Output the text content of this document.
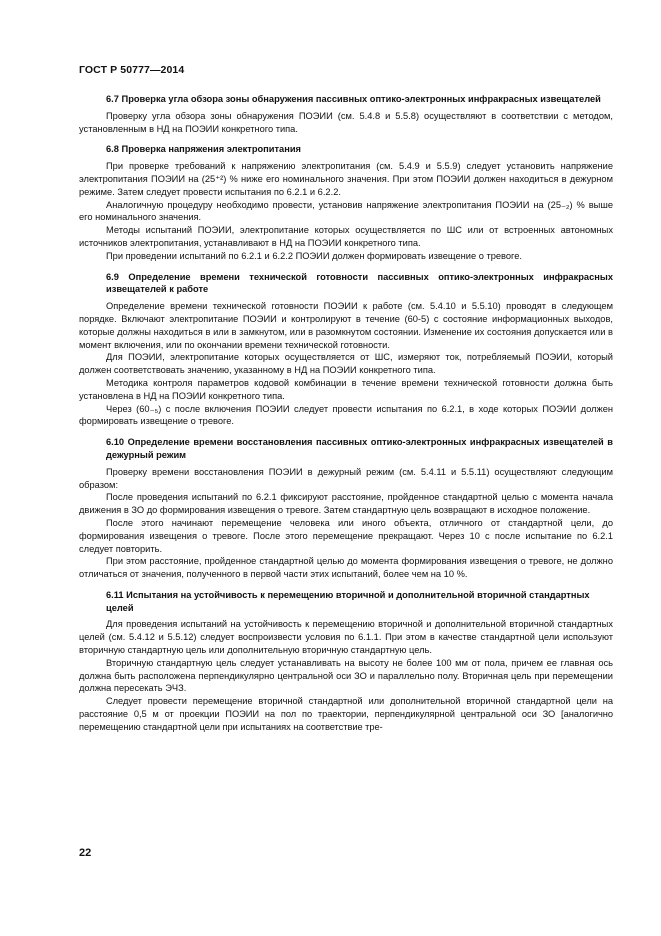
ГОСТ Р 50777—2014
6.7 Проверка угла обзора зоны обнаружения пассивных оптико-электронных инфракрасных извещателей

Проверку угла обзора зоны обнаружения ПОЭИИ (см. 5.4.8 и 5.5.8) осуществляют в соответствии с методом, установленным в НД на ПОЭИИ конкретного типа.

6.8 Проверка напряжения электропитания

При проверке требований к напряжению электропитания (см. 5.4.9 и 5.5.9) следует установить напряжение электропитания ПОЭИИ на (25⁺²) % ниже его номинального значения. При этом ПОЭИИ должен находиться в дежурном режиме. Затем следует провести испытания по 6.2.1 и 6.2.2.

Аналогичную процедуру необходимо провести, установив напряжение электропитания ПОЭИИ на (25₋₂) % выше его номинального значения.

Методы испытаний ПОЭИИ, электропитание которых осуществляется по ШС или от встроенных автономных источников электропитания, устанавливают в НД на ПОЭИИ конкретного типа.

При проведении испытаний по 6.2.1 и 6.2.2 ПОЭИИ должен формировать извещение о тревоге.

6.9 Определение времени технической готовности пассивных оптико-электронных инфракрасных извещателей к работе

Определение времени технической готовности ПОЭИИ к работе (см. 5.4.10 и 5.5.10) проводят в следующем порядке. Включают электропитание ПОЭИИ и контролируют в течение (60-5) с состояние информационных выходов, которые должны находиться в или в замкнутом, или в разомкнутом состоянии. Изменение их состояния допускается или в момент включения, или по окончании времени технической готовности.

Для ПОЭИИ, электропитание которых осуществляется от ШС, измеряют ток, потребляемый ПОЭИИ, который должен соответствовать значению, указанному в НД на ПОЭИИ конкретного типа.

Методика контроля параметров кодовой комбинации в течение времени технической готовности должна быть установлена в НД на ПОЭИИ конкретного типа.

Через (60₋₅) с после включения ПОЭИИ следует провести испытания по 6.2.1, в ходе которых ПОЭИИ должен формировать извещение о тревоге.

6.10 Определение времени восстановления пассивных оптико-электронных инфракрасных извещателей в дежурный режим

Проверку времени восстановления ПОЭИИ в дежурный режим (см. 5.4.11 и 5.5.11) осуществляют следующим образом:

После проведения испытаний по 6.2.1 фиксируют расстояние, пройденное стандартной целью с момента начала движения в ЗО до формирования извещения о тревоге. Затем стандартную цель возвращают в исходное положение.

После этого начинают перемещение человека или иного объекта, отличного от стандартной цели, до формирования извещения о тревоге. После этого перемещение прекращают. Через 10 с после испытание по 6.2.1 следует повторить.

При этом расстояние, пройденное стандартной целью до момента формирования извещения о тревоге, не должно отличаться от значения, полученного в первой части этих испытаний, более чем на 10 %.

6.11 Испытания на устойчивость к перемещению вторичной и дополнительной вторичной стандартных целей

Для проведения испытаний на устойчивость к перемещению вторичной и дополнительной вторичной стандартных целей (см. 5.4.12 и 5.5.12) следует воспроизвести условия по 6.1.1. При этом в качестве стандартной цели используют вторичную стандартную цель или дополнительную вторичную стандартную цель.

Вторичную стандартную цель следует устанавливать на высоту не более 100 мм от пола, причем ее главная ось должна быть расположена перпендикулярно центральной оси ЗО и параллельно полу. Вторичная цель при перемещении должна пересекать ЭЧЗ.

Следует провести перемещение вторичной стандартной или дополнительной вторичной стандартной цели на расстояние 0,5 м от проекции ПОЭИИ на пол по траектории, перпендикулярной центральной оси ЗО [аналогично перемещению стандартной цели при испытаниях на соответствие тре-

22
